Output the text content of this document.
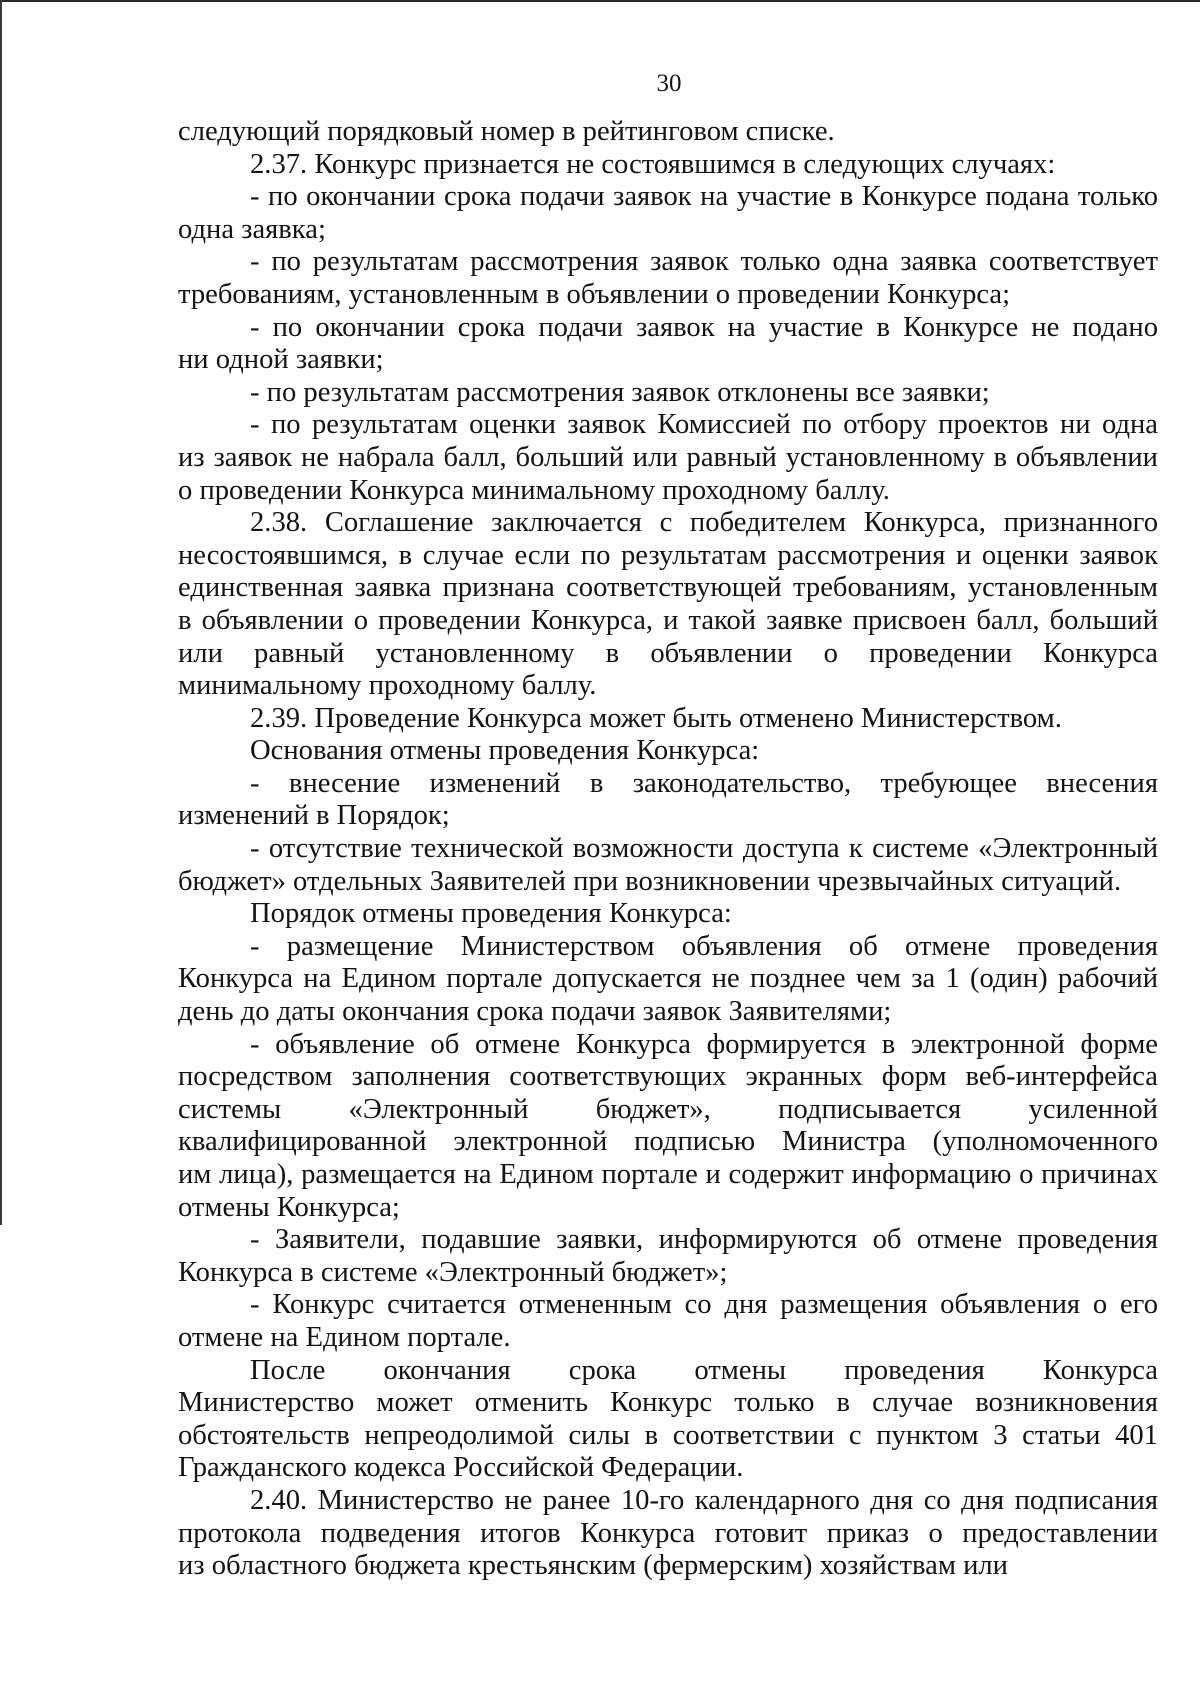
30
следующий порядковый номер в рейтинговом списке.
2.37. Конкурс признается не состоявшимся в следующих случаях:
- по окончании срока подачи заявок на участие в Конкурсе подана только
одна заявка;
- по результатам рассмотрения заявок только одна заявка соответствует
требованиям, установленным в объявлении о проведении Конкурса;
- по окончании срока подачи заявок на участие в Конкурсе не подано
ни одной заявки;
- по результатам рассмотрения заявок отклонены все заявки;
- по результатам оценки заявок Комиссией по отбору проектов ни одна
из заявок не набрала балл, больший или равный установленному в объявлении
о проведении Конкурса минимальному проходному баллу.
2.38. Соглашение заключается с победителем Конкурса, признанного
несостоявшимся, в случае если по результатам рассмотрения и оценки заявок
единственная заявка признана соответствующей требованиям, установленным
в объявлении о проведении Конкурса, и такой заявке присвоен балл, больший
или равный установленному в объявлении о проведении Конкурса
минимальному проходному баллу.
2.39. Проведение Конкурса может быть отменено Министерством.
Основания отмены проведения Конкурса:
- внесение изменений в законодательство, требующее внесения
изменений в Порядок;
- отсутствие технической возможности доступа к системе «Электронный
бюджет» отдельных Заявителей при возникновении чрезвычайных ситуаций.
Порядок отмены проведения Конкурса:
- размещение Министерством объявления об отмене проведения
Конкурса на Едином портале допускается не позднее чем за 1 (один) рабочий
день до даты окончания срока подачи заявок Заявителями;
- объявление об отмене Конкурса формируется в электронной форме
посредством заполнения соответствующих экранных форм веб-интерфейса
системы «Электронный бюджет», подписывается усиленной
квалифицированной электронной подписью Министра (уполномоченного
им лица), размещается на Едином портале и содержит информацию о причинах
отмены Конкурса;
- Заявители, подавшие заявки, информируются об отмене проведения
Конкурса в системе «Электронный бюджет»;
- Конкурс считается отмененным со дня размещения объявления о его
отмене на Едином портале.
После окончания срока отмены проведения Конкурса
Министерство может отменить Конкурс только в случае возникновения
обстоятельств непреодолимой силы в соответствии с пунктом 3 статьи 401
Гражданского кодекса Российской Федерации.
2.40. Министерство не ранее 10-го календарного дня со дня подписания
протокола подведения итогов Конкурса готовит приказ о предоставлении
из областного бюджета крестьянским (фермерским) хозяйствам или
